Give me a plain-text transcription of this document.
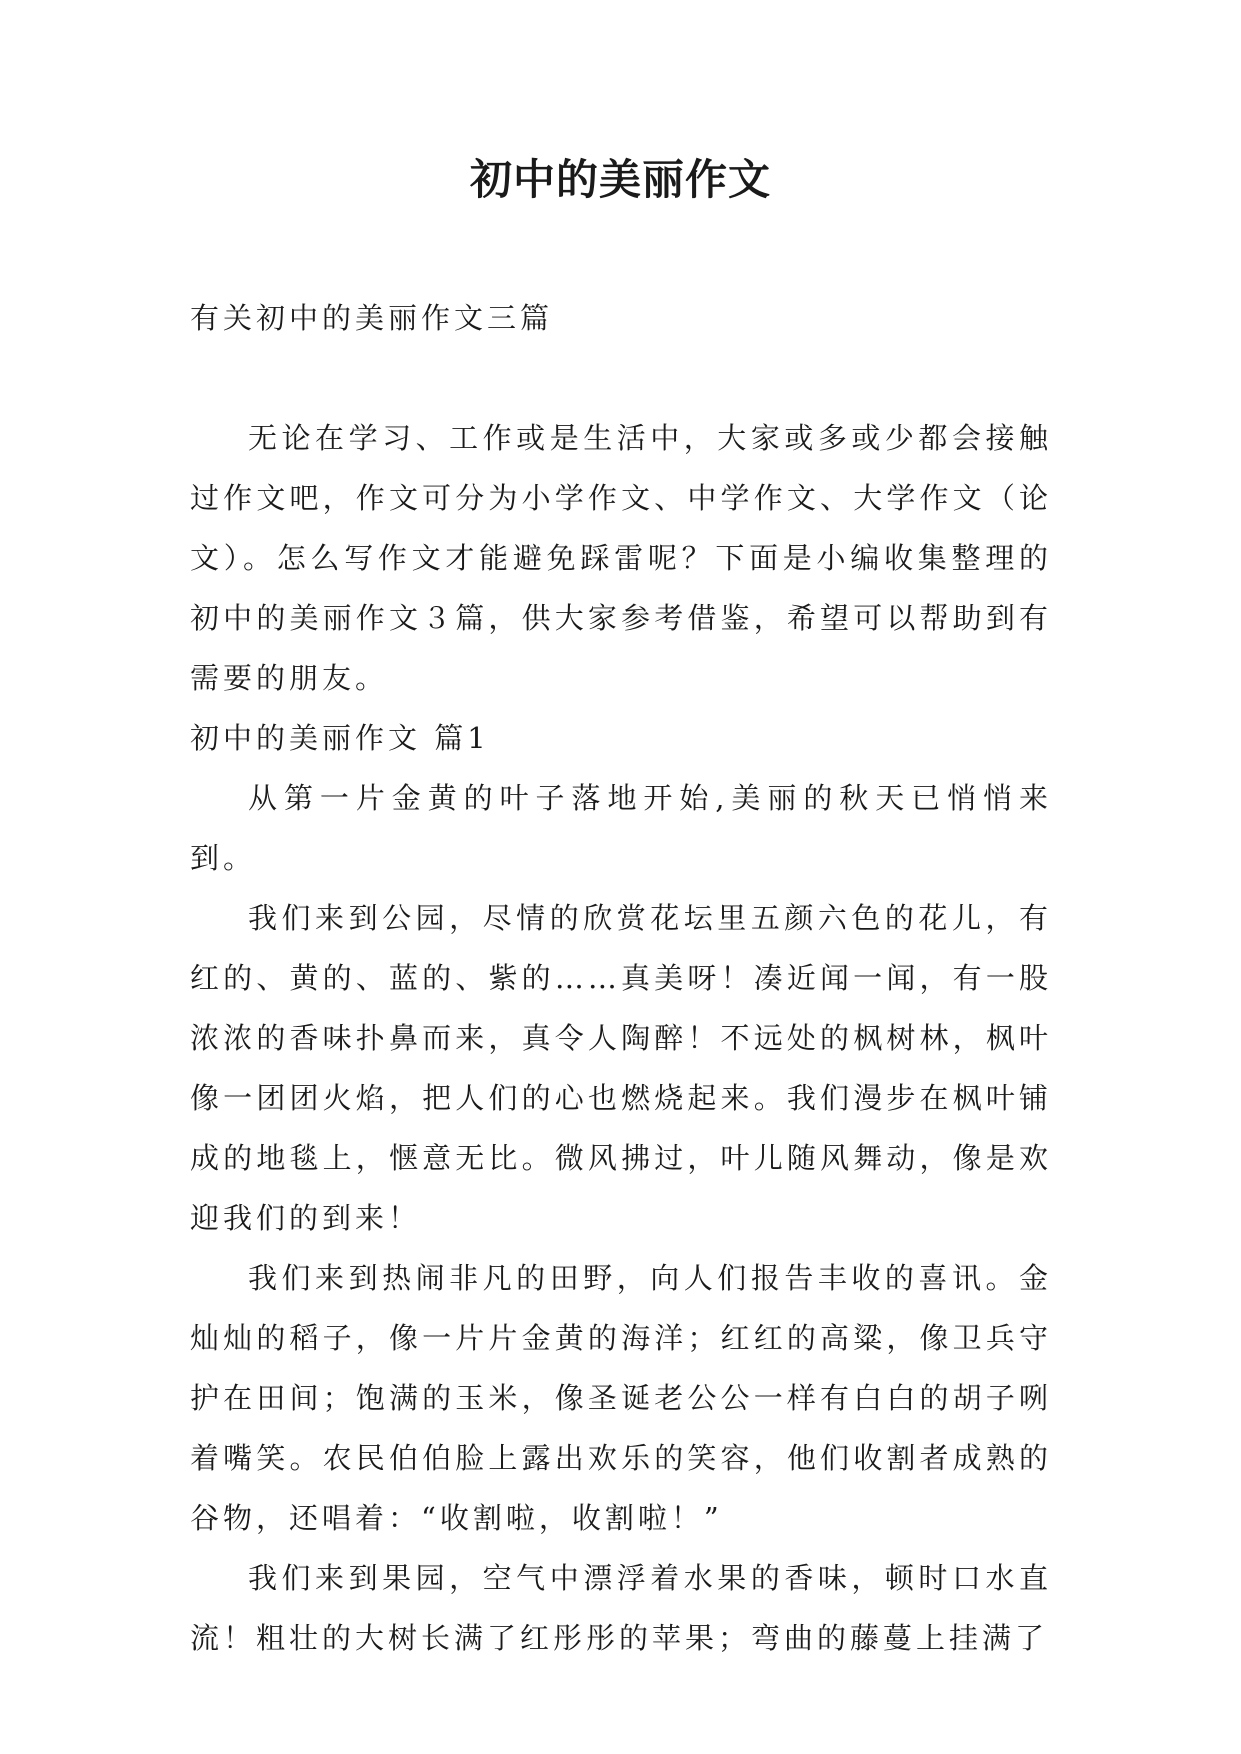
初中的美丽作文
有关初中的美丽作文三篇

无论在学习、工作或是生活中，大家或多或少都会接触过作文吧，作文可分为小学作文、中学作文、大学作文（论文）。怎么写作文才能避免踩雷呢？下面是小编收集整理的初中的美丽作文３篇，供大家参考借鉴，希望可以帮助到有需要的朋友。

初中的美丽作文 篇1

从第一片金黄的叶子落地开始,美丽的秋天已悄悄来到。

我们来到公园，尽情的欣赏花坛里五颜六色的花儿，有红的、黄的、蓝的、紫的……真美呀！凑近闻一闻，有一股浓浓的香味扑鼻而来，真令人陶醉！不远处的枫树林，枫叶像一团团火焰，把人们的心也燃烧起来。我们漫步在枫叶铺成的地毯上，惬意无比。微风拂过，叶儿随风舞动，像是欢迎我们的到来！

我们来到热闹非凡的田野，向人们报告丰收的喜讯。金灿灿的稻子，像一片片金黄的海洋；红红的高粱，像卫兵守护在田间；饱满的玉米，像圣诞老公公一样有白白的胡子咧着嘴笑。农民伯伯脸上露出欢乐的笑容，他们收割者成熟的谷物，还唱着：“收割啦，收割啦！”

我们来到果园，空气中漂浮着水果的香味，顿时口水直流！粗壮的大树长满了红彤彤的苹果；弯曲的藤蔓上挂满了
